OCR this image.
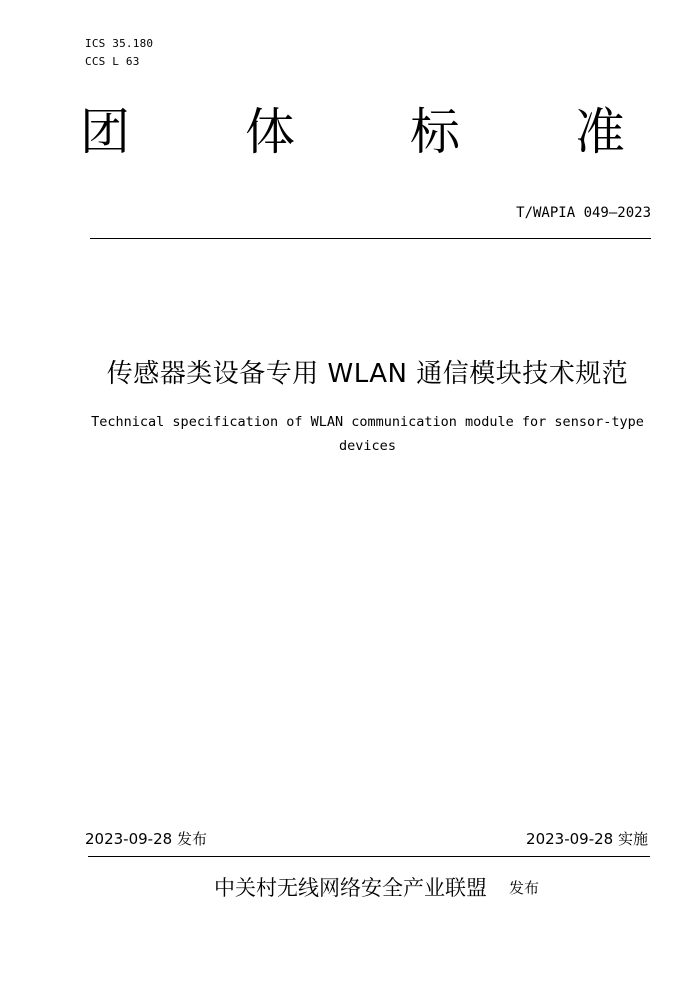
ICS 35.180
CCS L 63
团 体 标 准
T/WAPIA 049—2023
传感器类设备专用 WLAN 通信模块技术规范
Technical specification of WLAN communication module for sensor-type devices
2023-09-28 发布	2023-09-28 实施
中关村无线网络安全产业联盟 发布
